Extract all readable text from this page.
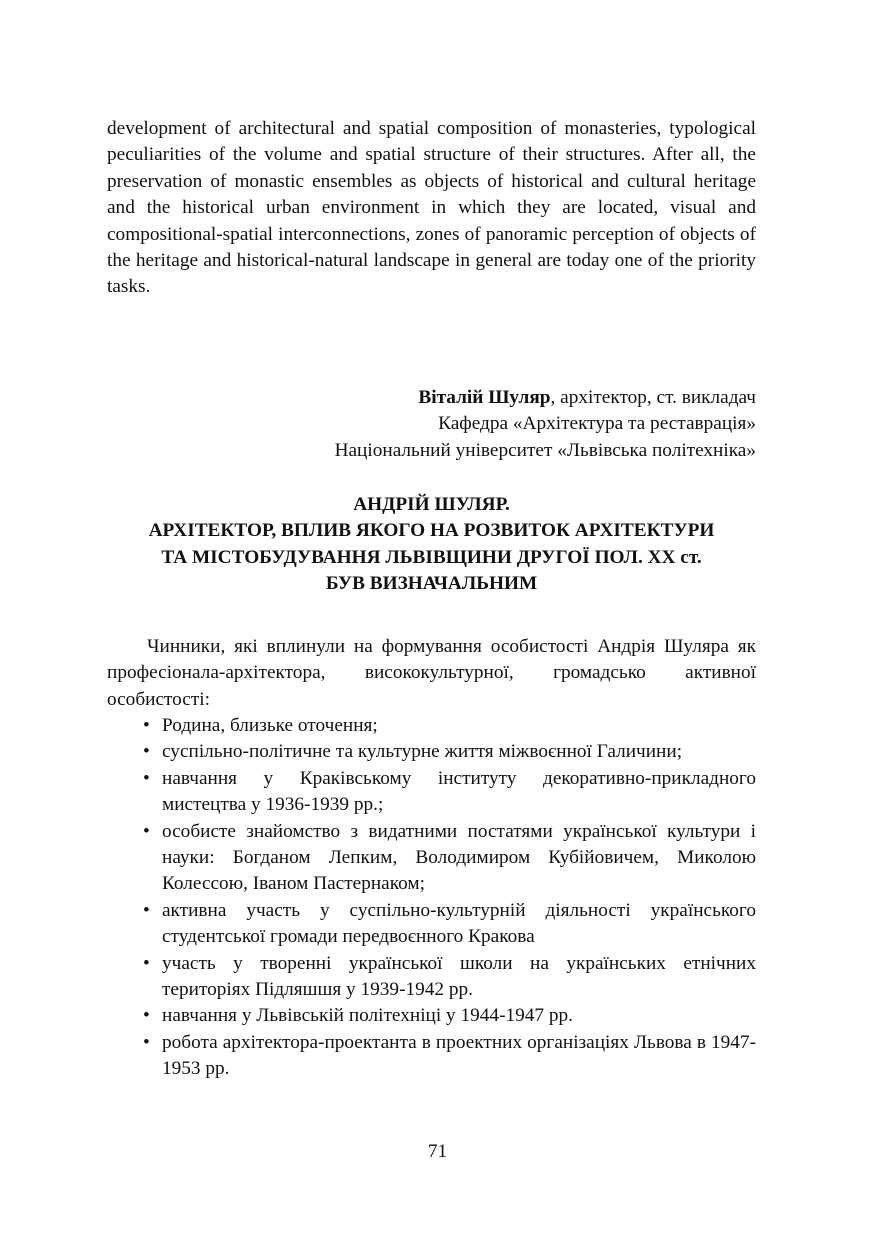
development of architectural and spatial composition of monasteries, typological peculiarities of the volume and spatial structure of their structures. After all, the preservation of monastic ensembles as objects of historical and cultural heritage and the historical urban environment in which they are located, visual and compositional-spatial interconnections, zones of panoramic perception of objects of the heritage and historical-natural landscape in general are today one of the priority tasks.

Віталій Шуляр, архітектор, ст. викладач
Кафедра «Архітектура та реставрація»
Національний університет «Львівська політехніка»
АНДРІЙ ШУЛЯР.
АРХІТЕКТОР, ВПЛИВ ЯКОГО НА РОЗВИТОК АРХІТЕКТУРИ
ТА МІСТОБУДУВАННЯ ЛЬВІВЩИНИ ДРУГОЇ ПОЛ. ХХ ст.
БУВ ВИЗНАЧАЛЬНИМ

Чинники, які вплинули на формування особистості Андрія Шуляра як професіонала-архітектора, висококультурної, громадсько активної особистості:

• Родина, близьке оточення;
• суспільно-політичне та культурне життя міжвоєнної Галичини;
• навчання у Краківському інституту декоративно-прикладного мистецтва у 1936-1939 рр.;
• особисте знайомство з видатними постатями української культури і науки: Богданом Лепким, Володимиром Кубійовичем, Миколою Колессою, Іваном Пастернаком;
• активна участь у суспільно-культурній діяльності українського студентської громади передвоєнного Кракова
• участь у творенні української школи на українських етнічних територіях Підляшшя у 1939-1942 рр.
• навчання у Львівській політехніці у 1944-1947 рр.
• робота архітектора-проектанта в проектних організаціях Львова в 1947-1953 рр.
71
